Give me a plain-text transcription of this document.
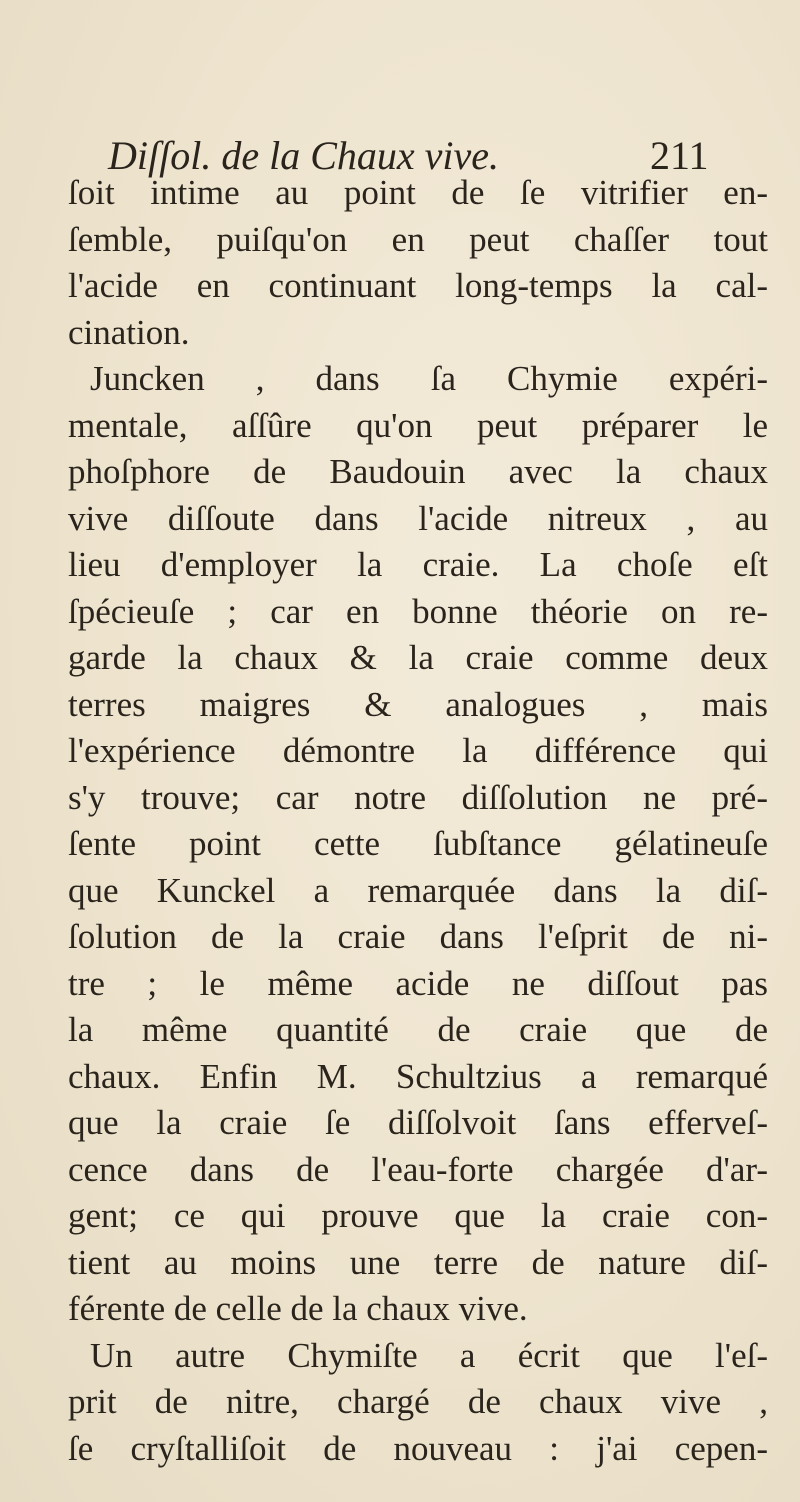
Diſſol. de la Chaux vive.	211
ſoit intime au point de ſe vitrifier en-
ſemble, puiſqu'on en peut chaſſer tout
l'acide en continuant long-temps la cal-
cination.
Juncken , dans ſa Chymie expéri-
mentale, aſſûre qu'on peut préparer le
phoſphore de Baudouin avec la chaux
vive diſſoute dans l'acide nitreux , au
lieu d'employer la craie. La choſe eſt
ſpécieuſe ; car en bonne théorie on re-
garde la chaux & la craie comme deux
terres maigres & analogues , mais
l'expérience démontre la différence qui
s'y trouve; car notre diſſolution ne pré-
ſente point cette ſubſtance gélatineuſe
que Kunckel a remarquée dans la diſ-
ſolution de la craie dans l'eſprit de ni-
tre ; le même acide ne diſſout pas
la même quantité de craie que de
chaux. Enfin M. Schultzius a remarqué
que la craie ſe diſſolvoit ſans efferveſ-
cence dans de l'eau-forte chargée d'ar-
gent; ce qui prouve que la craie con-
tient au moins une terre de nature diſ-
férente de celle de la chaux vive.
Un autre Chymiſte a écrit que l'eſ-
prit de nitre, chargé de chaux vive ,
ſe cryſtalliſoit de nouveau : j'ai cepen-
